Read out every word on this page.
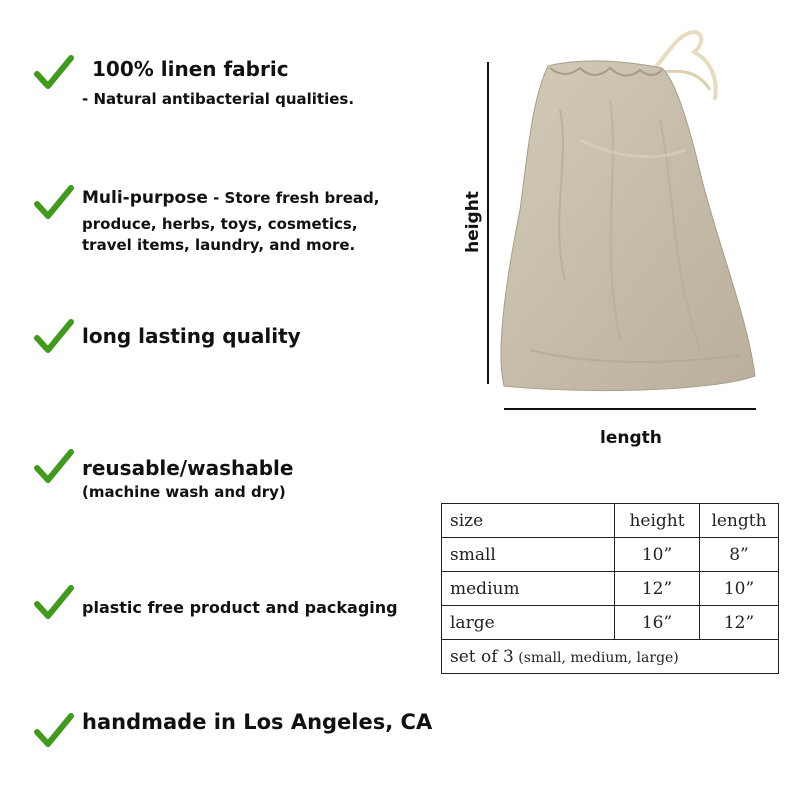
100% linen fabric
- Natural antibacterial qualities.
Muli-purpose - Store fresh bread,
produce, herbs, toys, cosmetics,
travel items, laundry, and more.
long lasting quality
reusable/washable
(machine wash and dry)
plastic free product and packaging
handmade in Los Angeles, CA
height
length
size	height	length
small	10”	8”
medium	12”	10”
large	16”	12”
set of 3 (small, medium, large)		
